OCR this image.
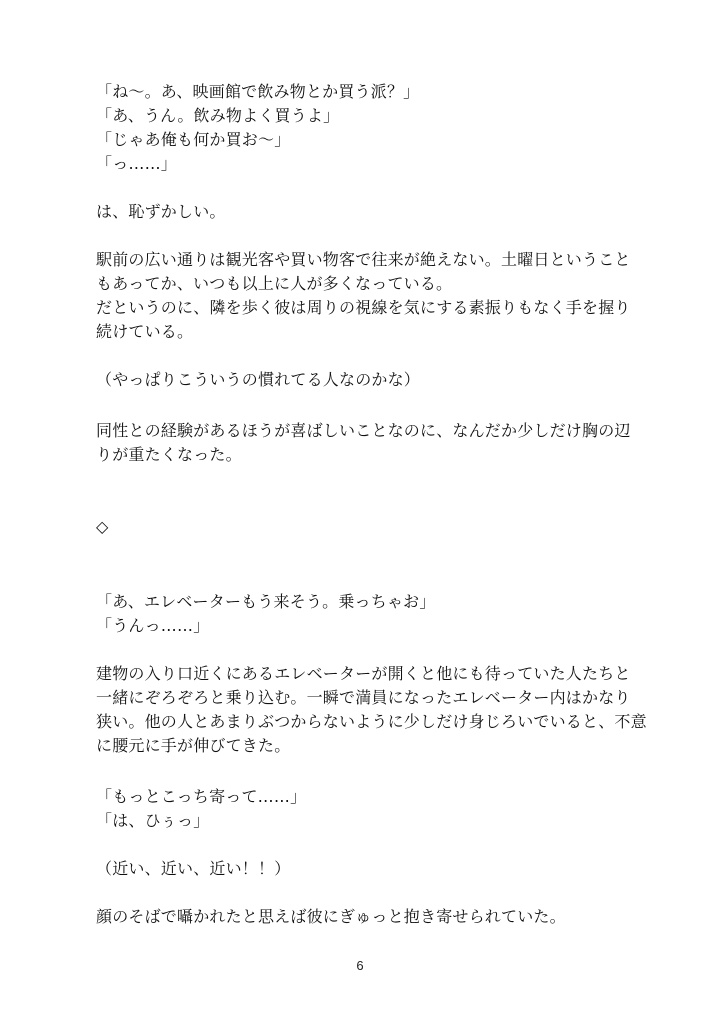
「ね〜。あ、映画館で飲み物とか買う派？」
「あ、うん。飲み物よく買うよ」
「じゃあ俺も何か買お〜」
「っ……」
は、恥ずかしい。
駅前の広い通りは観光客や買い物客で往来が絶えない。土曜日ということ
もあってか、いつも以上に人が多くなっている。
だというのに、隣を歩く彼は周りの視線を気にする素振りもなく手を握り
続けている。
（やっぱりこういうの慣れてる人なのかな）
同性との経験があるほうが喜ばしいことなのに、なんだか少しだけ胸の辺
りが重たくなった。
◇
「あ、エレベーターもう来そう。乗っちゃお」
「うんっ……」
建物の入り口近くにあるエレベーターが開くと他にも待っていた人たちと
一緒にぞろぞろと乗り込む。一瞬で満員になったエレベーター内はかなり
狭い。他の人とあまりぶつからないように少しだけ身じろいでいると、不意
に腰元に手が伸びてきた。
「もっとこっち寄って……」
「は、ひぅっ」
（近い、近い、近い！！）
顔のそばで囁かれたと思えば彼にぎゅっと抱き寄せられていた。
6
